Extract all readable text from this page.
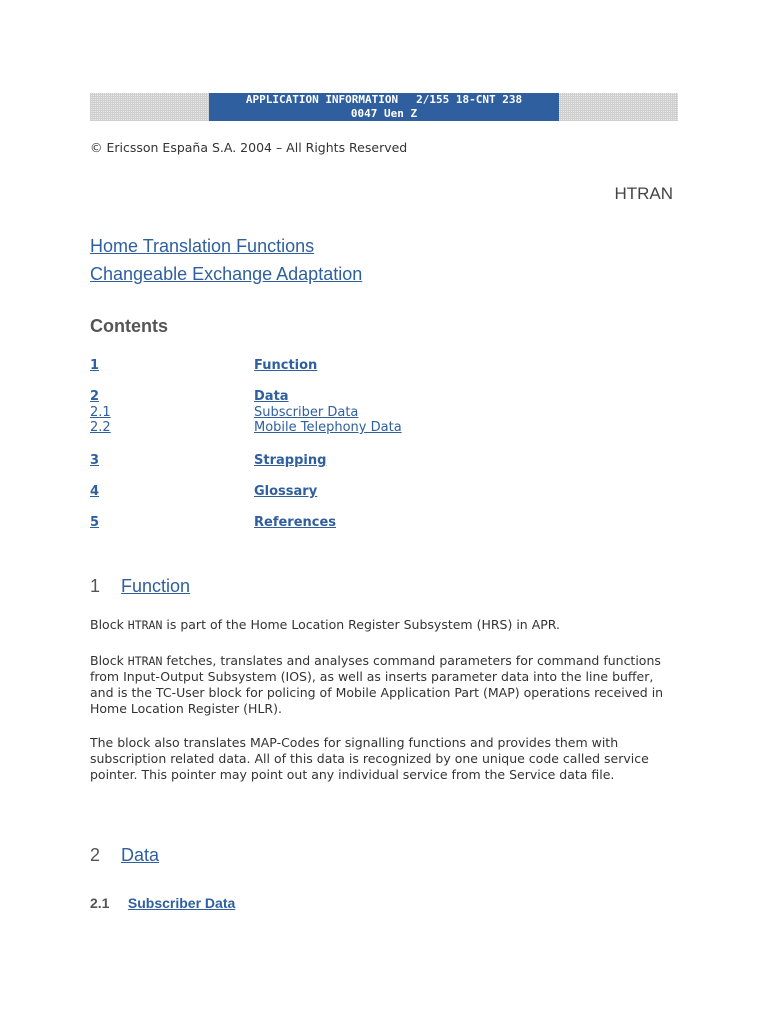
APPLICATION INFORMATION 2/155 18-CNT 238
0047 Uen Z
© Ericsson España S.A. 2004 – All Rights Reserved
HTRAN
Home Translation Functions
Changeable Exchange Adaptation
Contents
1	Function
2	Data
2.1	Subscriber Data
2.2	Mobile Telephony Data
3	Strapping
4	Glossary
5	References
1 Function
Block HTRAN is part of the Home Location Register Subsystem (HRS) in APR.
Block HTRAN fetches, translates and analyses command parameters for command functions from Input-Output Subsystem (IOS), as well as inserts parameter data into the line buffer, and is the TC-User block for policing of Mobile Application Part (MAP) operations received in Home Location Register (HLR).
The block also translates MAP-Codes for signalling functions and provides them with subscription related data. All of this data is recognized by one unique code called service pointer. This pointer may point out any individual service from the Service data file.
2 Data
2.1 Subscriber Data
